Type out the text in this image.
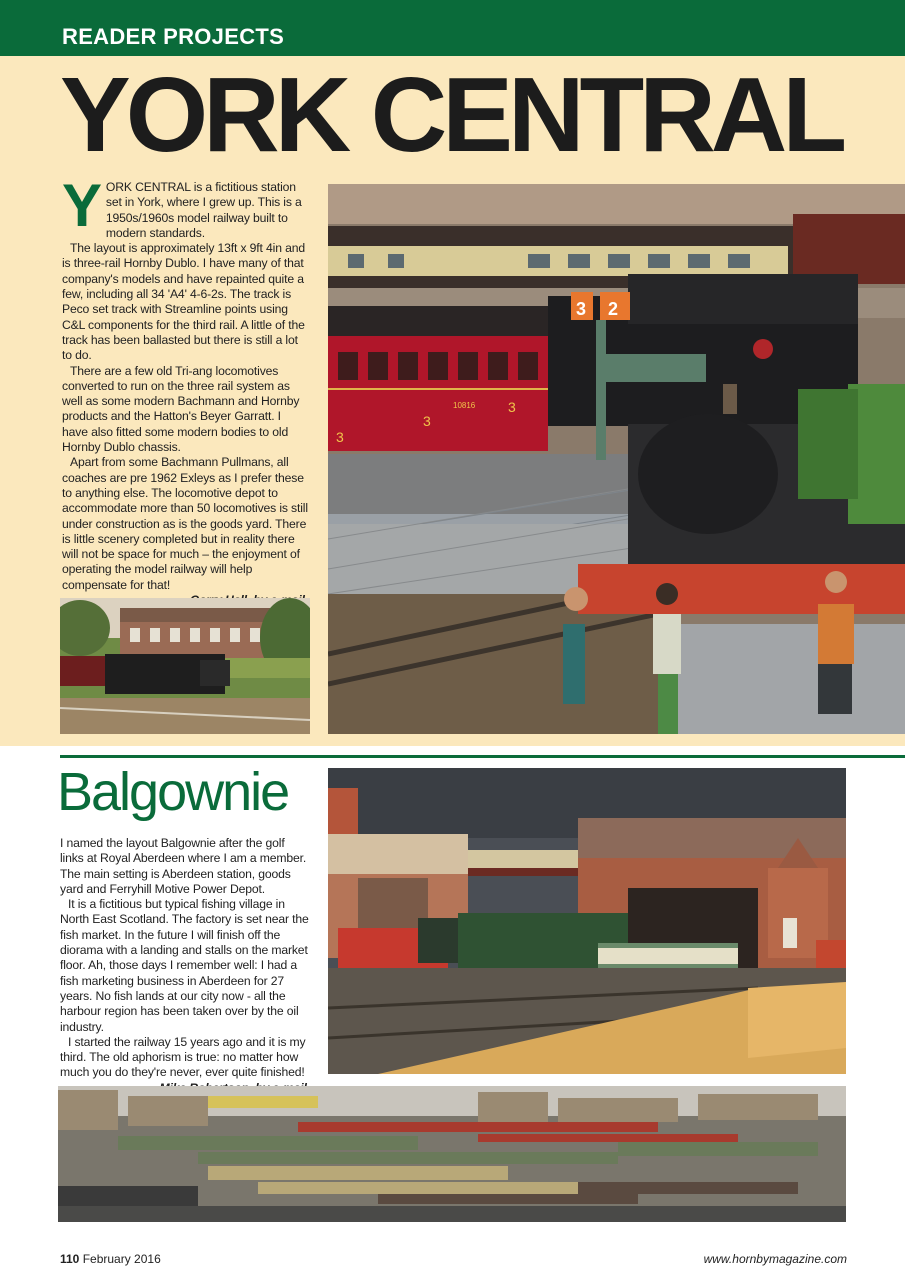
READER PROJECTS
YORK CENTRAL
Y ORK CENTRAL is a fictitious station set in York, where I grew up. This is a 1950s/1960s model railway built to modern standards.

The layout is approximately 13ft x 9ft 4in and is three-rail Hornby Dublo. I have many of that company's models and have repainted quite a few, including all 34 'A4' 4-6-2s. The track is Peco set track with Streamline points using C&L components for the third rail. A little of the track has been ballasted but there is still a lot to do.

There are a few old Tri-ang locomotives converted to run on the three rail system as well as some modern Bachmann and Hornby products and the Hatton's Beyer Garratt. I have also fitted some modern bodies to old Hornby Dublo chassis.

Apart from some Bachmann Pullmans, all coaches are pre 1962 Exleys as I prefer these to anything else. The locomotive depot to accommodate more than 50 locomotives is still under construction as is the goods yard. There is little scenery completed but in reality there will not be space for much – the enjoyment of operating the model railway will help compensate for that!

3
3
10816 3
3 2
Balgownie

I named the layout Balgownie after the golf links at Royal Aberdeen where I am a member. The main setting is Aberdeen station, goods yard and Ferryhill Motive Power Depot.

It is a fictitious but typical fishing village in North East Scotland. The factory is set near the fish market. In the future I will finish off the diorama with a landing and stalls on the market floor. Ah, those days I remember well: I had a fish marketing business in Aberdeen for 27 years. No fish lands at our city now - all the harbour region has been taken over by the oil industry.

I started the railway 15 years ago and it is my third. The old aphorism is true: no matter how much you do they're never, ever quite finished!

110 February 2016	www.hornbymagazine.com
